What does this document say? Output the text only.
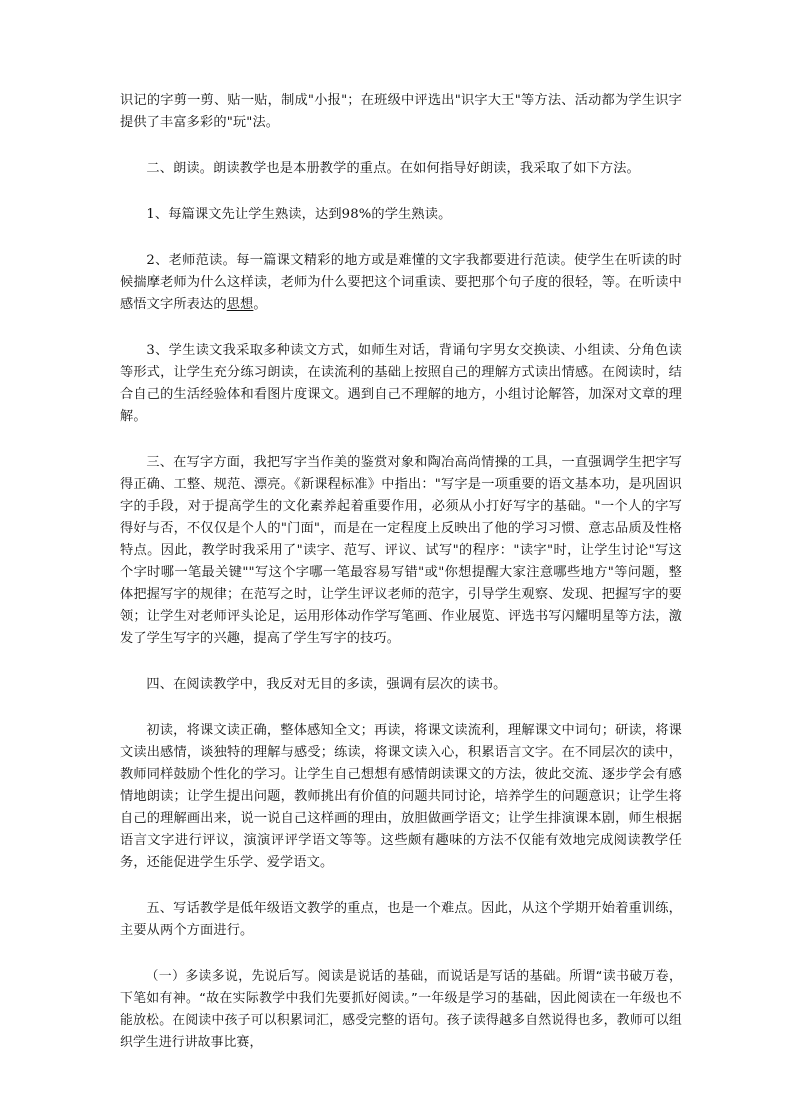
识记的字剪一剪、贴一贴，制成"小报"；在班级中评选出"识字大王"等方法、活动都为学生识字提供了丰富多彩的"玩"法。

二、朗读。朗读教学也是本册教学的重点。在如何指导好朗读，我采取了如下方法。

1、每篇课文先让学生熟读，达到98%的学生熟读。

2、老师范读。每一篇课文精彩的地方或是难懂的文字我都要进行范读。使学生在听读的时候揣摩老师为什么这样读，老师为什么要把这个词重读、要把那个句子度的很轻，等。在听读中感悟文字所表达的思想。

3、学生读文我采取多种读文方式，如师生对话，背诵句字男女交换读、小组读、分角色读等形式，让学生充分练习朗读，在读流利的基础上按照自己的理解方式读出情感。在阅读时，结合自己的生活经验体和看图片度课文。遇到自己不理解的地方，小组讨论解答，加深对文章的理解。

三、在写字方面，我把写字当作美的鉴赏对象和陶冶高尚情操的工具，一直强调学生把字写得正确、工整、规范、漂亮。《新课程标准》中指出："写字是一项重要的语文基本功，是巩固识字的手段，对于提高学生的文化素养起着重要作用，必须从小打好写字的基础。"一个人的字写得好与否，不仅仅是个人的"门面"，而是在一定程度上反映出了他的学习习惯、意志品质及性格特点。因此，教学时我采用了"读字、范写、评议、试写"的程序："读字"时，让学生讨论"写这个字时哪一笔最关键""写这个字哪一笔最容易写错"或"你想提醒大家注意哪些地方"等问题，整体把握写字的规律；在范写之时，让学生评议老师的范字，引导学生观察、发现、把握写字的要领；让学生对老师评头论足，运用形体动作学写笔画、作业展览、评选书写闪耀明星等方法，激发了学生写字的兴趣，提高了学生写字的技巧。

四、在阅读教学中，我反对无目的多读，强调有层次的读书。

初读，将课文读正确，整体感知全文；再读，将课文读流利，理解课文中词句；研读，将课文读出感情，谈独特的理解与感受；练读，将课文读入心，积累语言文字。在不同层次的读中，教师同样鼓励个性化的学习。让学生自己想想有感情朗读课文的方法，彼此交流、逐步学会有感情地朗读；让学生提出问题，教师挑出有价值的问题共同讨论，培养学生的问题意识；让学生将自己的理解画出来，说一说自己这样画的理由，放胆做画学语文；让学生排演课本剧，师生根据语言文字进行评议，演演评评学语文等等。这些颇有趣味的方法不仅能有效地完成阅读教学任务，还能促进学生乐学、爱学语文。

五、写话教学是低年级语文教学的重点，也是一个难点。因此，从这个学期开始着重训练，主要从两个方面进行。

（一）多读多说，先说后写。阅读是说话的基础，而说话是写话的基础。所谓“读书破万卷，下笔如有神。“故在实际教学中我们先要抓好阅读。”一年级是学习的基础，因此阅读在一年级也不能放松。在阅读中孩子可以积累词汇，感受完整的语句。孩子读得越多自然说得也多，教师可以组织学生进行讲故事比赛，
